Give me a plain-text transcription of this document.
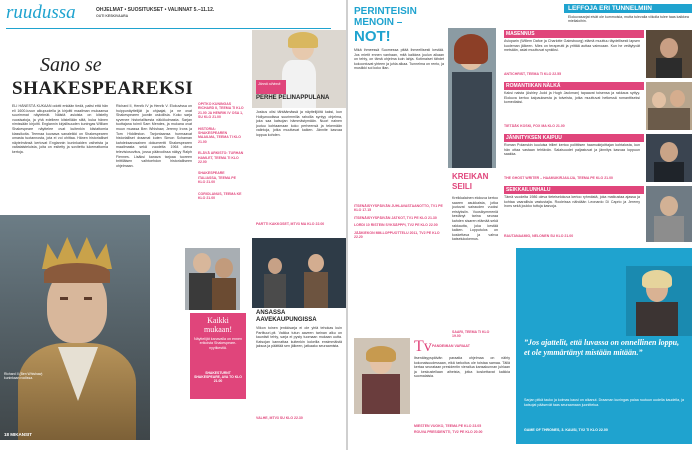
ruudussa	OHJELMAT • SUOSITUKSET • VALINNAT 5.–11.12.
OUTI KESKIVAARA
Sano se
SHAKESPEAREKSI

ELI HÄNESTÄ KUKAAN odotti enkään tiedä, paitsi että hän eli 1600-luvun alkupuolella ja kirjoitti maailman mukaansa suurimmat näytelmät. Näistä asioista on kiistelty vuosisatoja, ja yhä edelleen kiistellään siitä, kuka hänen nimissään kirjoitti. Englannin kirjallisuuden kuningas William Shakespeare näyttelee ovat kuitenkin kiistattomia klassikoita. Teemaa kuvaava sanaleikki on Shakespearen omasta tuotannosta, jota ei voi ohittaa. Hänen historialliset näytelmänsä kertovat Englannin kuninkaiden vaiheista ja valtataisteluista, joita on esitetty ja sovitettu lukemattomia kertoja.

Richard II, Henrik IV ja Henrik V. Elokuvissa on huippunäyttelijät ja ohjaajat, ja ne ovat Shakespearen juoniin uskollisia. Koko sarja syvenee historiallisesta näkökulmasta. Sarjan tuottajana toimii Sam Mendes, ja mukana ovat muun muassa Ben Whishaw, Jeremy Irons ja Tom Hiddleston. Tarjontaansa hurmaavat historialliset draamat kuten Simon Schaman kahdeksanosainen dokumentti Shakespearen maailmasta sekä vuodelta 1964 oleva televisiosovitus, jossa pääroolissa näkyy Ralph Fiennes. Lisäksi kanava tarjoaa tuoreen brittiläisen vaihtoehdon historialliseen ohjelmaan.

OPITKO KUNINGAS RICHARD II, TEEMA TI KLO 21.00 JA HENRIK IV OSA 1, SU KLO 21.00
HISTORIA: SHAKESPEAREN MAAILMA, TEEMA TI KLO 21.00
ELÄVÄ ARKISTO: TURHAN HAMLET, TEEMA TI KLO 22.00
SHAKESPEARE ITALIASSA, TEEMA PE KLO 21.00
CORIOLANUS, TEEMA KE KLO 21.00
Richard II (Ben Whishaw) kuninkaan roolissa.
18 MIKANSIT
Kaikki mukaan!
Näyttelijät kanavalla on ennen erikoista Shakespeare-nyytikestiä.
SHAKESTURNT SHAKESPEARE, AVA TO KLO 21.00
Jännä oihinnä
PERHE PELINAPPULANA

Joskus olisi tähtäämässä ja näyttelijöitä kaksi, kun Hollywoodissa suurimmilla rahoilla syntyy ohjelma, joka saa katsojan hämmästymään. Nuori nainen joutuu kohtaamaan koko perheensä ja tekemään valintoja, jotka muuttavat kaiken. Jännite kasvaa loppua kohden.

PARTTI KAKKOSET, MTV3 MA KLO 22.00
ANSASSA AAVEKAUPUNGISSA

Viikon toinen jenkkisarja ei ole yhtä tehokas kuin Partituuri-pit. Vaikka tutun aaveen tarinan alku on kauniisti tehty, sarja ei pysty tuomaan mukaan uutta. Katsojan kannattaa kuitenkin kokeilla ensimmäistä jaksoa ja päättää sen jälkeen, jatkaako seuraamista.

VALHE, MTV3 SU KLO 22.30
PERINTEISIN
MENOIN –
NOT!

Mikä ihmeessä Suomessa pitää ihmeellisesti kestää. Jos mietit ennen vanhaan, mitä kaikkea joulun aikaan on tehty, on tämä ohjelma kuin lahja. Kotimaiset tähdet kokoontuvat yhteen ja juhla alkaa. Tunnelma on rento, ja musiikki soi koko illan.

ITSENÄISYYSPÄIVÄN JUHLAVASTAANOTTO, TV1 PE KLO 17.15
ITSENÄISYYSPÄIVÄN JATKOT, TV1 PE KLO 21.30
LORDI 10 RISTEIN SYKSÄPPPI, TV2 PE KLO 22.00
JÄÄKIEKON MM-LOPPUOTTELU 2011, TV2 PE KLO 22.20
KREIKAN
SEILI

Kreikkalainen elokuva kertoo saaren asukkaista, jotka joutuvat sairauden vuoksi eristyksiin. Vuosikymmeniä kestänyt tarina seuraa kahden sisaren elämää sekä rakkautta, joka kestää kaiken. Lopputulos on koskettava ja vahva katselukokemus.

SAARI, TEEMA TI KLO 19.00
LEFFOJA ERI TUNNELMIIN
Elokuvasarjat eivät ole kummoisia, mutta tulevalla viikolla tulee taas kaikkea mielialoihin.
MASENNUS

Avioparin (Willem Dafoe ja Charlotte Gainsbourg) elämä muuttuu täydellisesti lapsen kuoleman jälkeen. Mies on terapeutti ja yrittää auttaa vaimoaan. Kun he vetäytyvät metsään, asiat muuttuvat synkiksi.

ANTICHRIST, TEEMA TI KLO 22.55
ROMANTIIKAN NÄLKÄ

Kaksi naista (Ashley Judd ja Hugh Jackman) tapaavat toisensa ja rakkaus syttyy. Elokuva kertoo kaipauksesta ja toiveista, jotka muuttuvat hetkessä romanttiseksi komediaksi.

TIETÄÄK KOSKI, FOX MA KLO 21.00
JÄNNITYKSEN KAIPUU

Roman Polanskin kuuluisa trilleri kertoo poliittisen haamukirjoittajan kohtalosta, kun hän ottaa vastaan tehtävän. Salaisuudet paljastuvat ja jännitys kasvaa loppuun saakka.

THE GHOST WRITER – HAAMUKIRJAILIJA, TEEMA PE KLO 21.00
SEIKKAILUNHALU

Tämä vuodelta 1986 oleva tieteiselokuva kertoo ryhmästä, joka matkustaa ajassa ja kohtaa vaarallisia vastustajia. Rooleissa nähdään Leonardo Di Caprio ja Jeremy Irons sekä joukko tuttuja kasvoja.

RAUTANAAMIO, NELONEN SU KLO 21.00
Tv PANDEMIAN VARIAAT

Itsenäisyyspäivän paraatia ohjelmaa on nähty kokonaisuudessaan, eikä tarkoitus ole toistaa samaa. Tällä kertaa seurataan presidentin vierailua kansakunnan juhlaan ja keskustellaan aiheista, jotka koskettavat kaikkia suomalaisia.

MIESTEN VUOKO, TEEMA PE KLO 23.05
ROUVA PRESIDENTTI, TV2 PE KLO 20.00
”Jos ajattelit, että luvassa on onnellinen loppu, et ole ymmärtänyt mistään mitään.”

Sarjan pitkä tauko ja kolmas kausi on alkanut. Draaman kuningas palaa ruutuun uudella kaudella, ja katsojat pääsevät taas seuraamaan juonittelua.

GAME OF THRONES, 3. KAUSI, TV2 TI KLO 22.00
